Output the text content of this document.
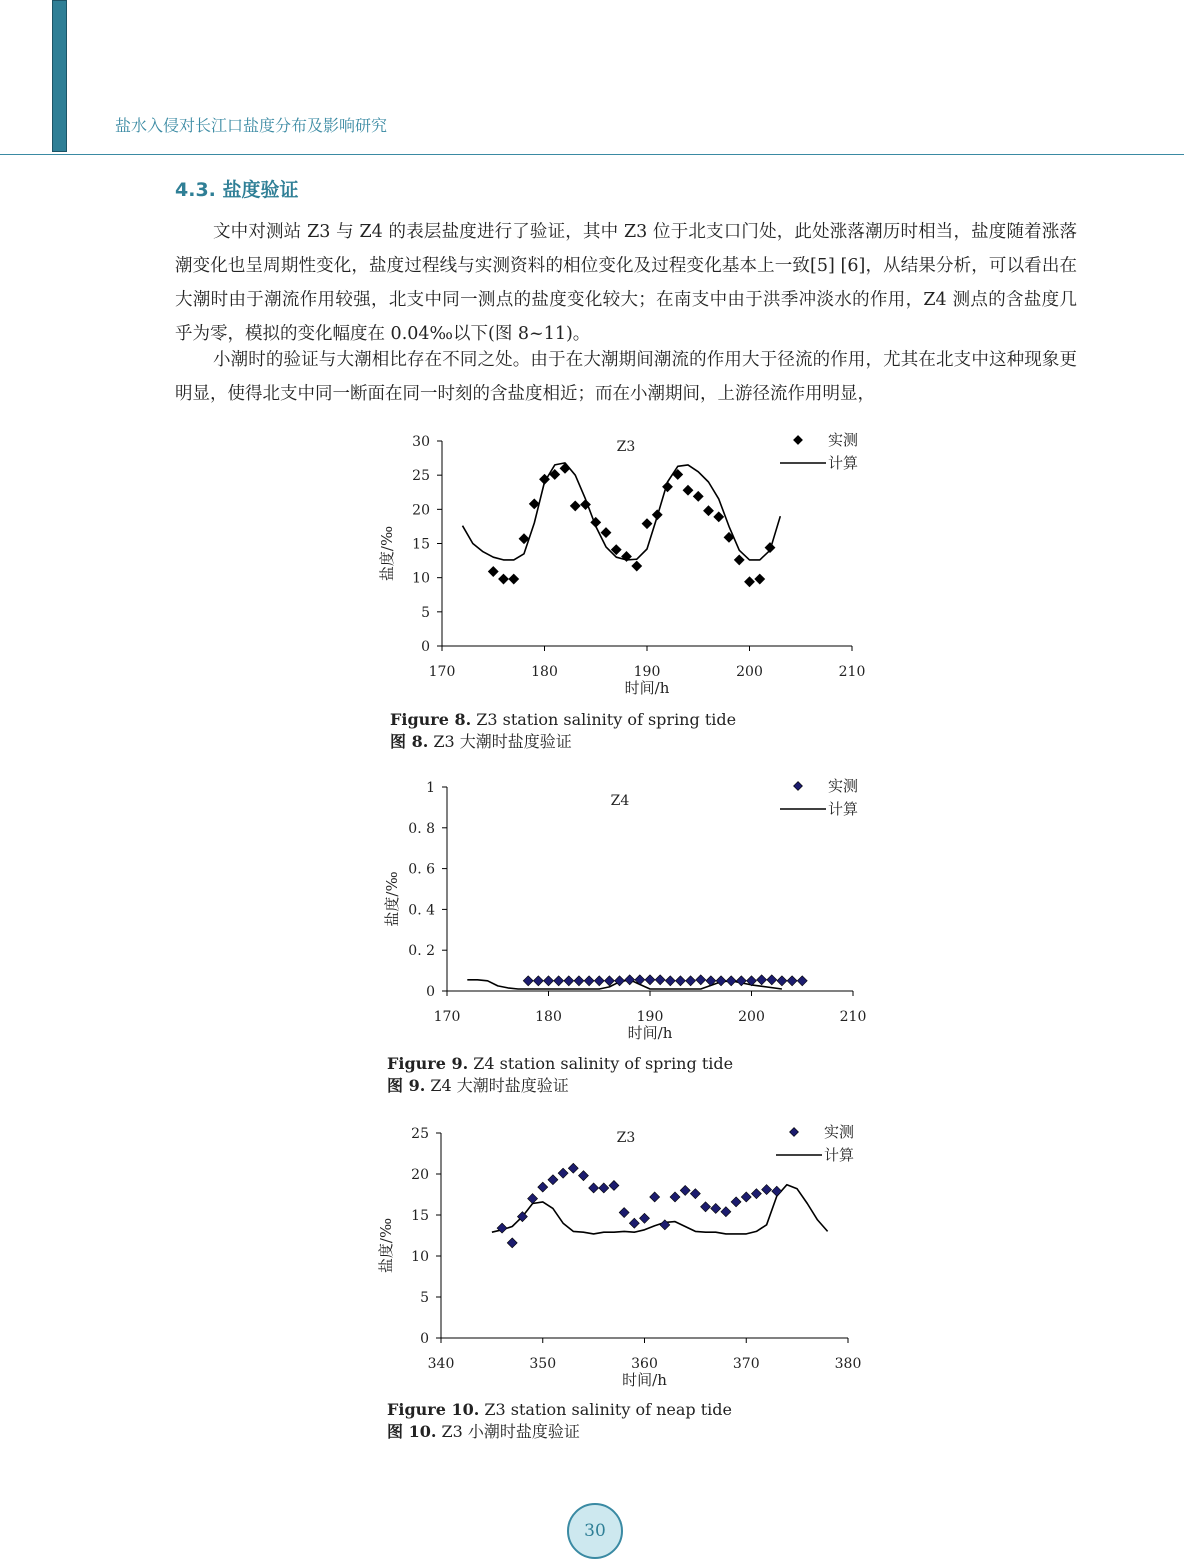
盐水入侵对长江口盐度分布及影响研究
4.3. 盐度验证

文中对测站 Z3 与 Z4 的表层盐度进行了验证，其中 Z3 位于北支口门处，此处涨落潮历时相当，盐度随着涨落潮变化也呈周期性变化，盐度过程线与实测资料的相位变化及过程变化基本上一致[5] [6]，从结果分析，可以看出在大潮时由于潮流作用较强，北支中同一测点的盐度变化较大；在南支中由于洪季冲淡水的作用，Z4 测点的含盐度几乎为零，模拟的变化幅度在 0.04‰以下(图 8~11)。

小潮时的验证与大潮相比存在不同之处。由于在大潮期间潮流的作用大于径流的作用，尤其在北支中这种现象更明显，使得北支中同一断面在同一时刻的含盐度相近；而在小潮期间，上游径流作用明显，

0
5
10
15
20
25
30
170	180	190	200	210
时间/h
盐度/‰
Z3	实测
计算
Figure 8. Z3 station salinity of spring tide
图 8. Z3 大潮时盐度验证
0
0. 2
0. 4
0. 6
0. 8
1
170	180	190	200	210
时间/h
盐度/‰
Z4
实测
计算
Figure 9. Z4 station salinity of spring tide
图 9. Z4 大潮时盐度验证
0
5
10
15
20
25
340	350	360	370	380
时间/h
盐度/‰
Z3	实测
计算
Figure 10. Z3 station salinity of neap tide
图 10. Z3 小潮时盐度验证
30
